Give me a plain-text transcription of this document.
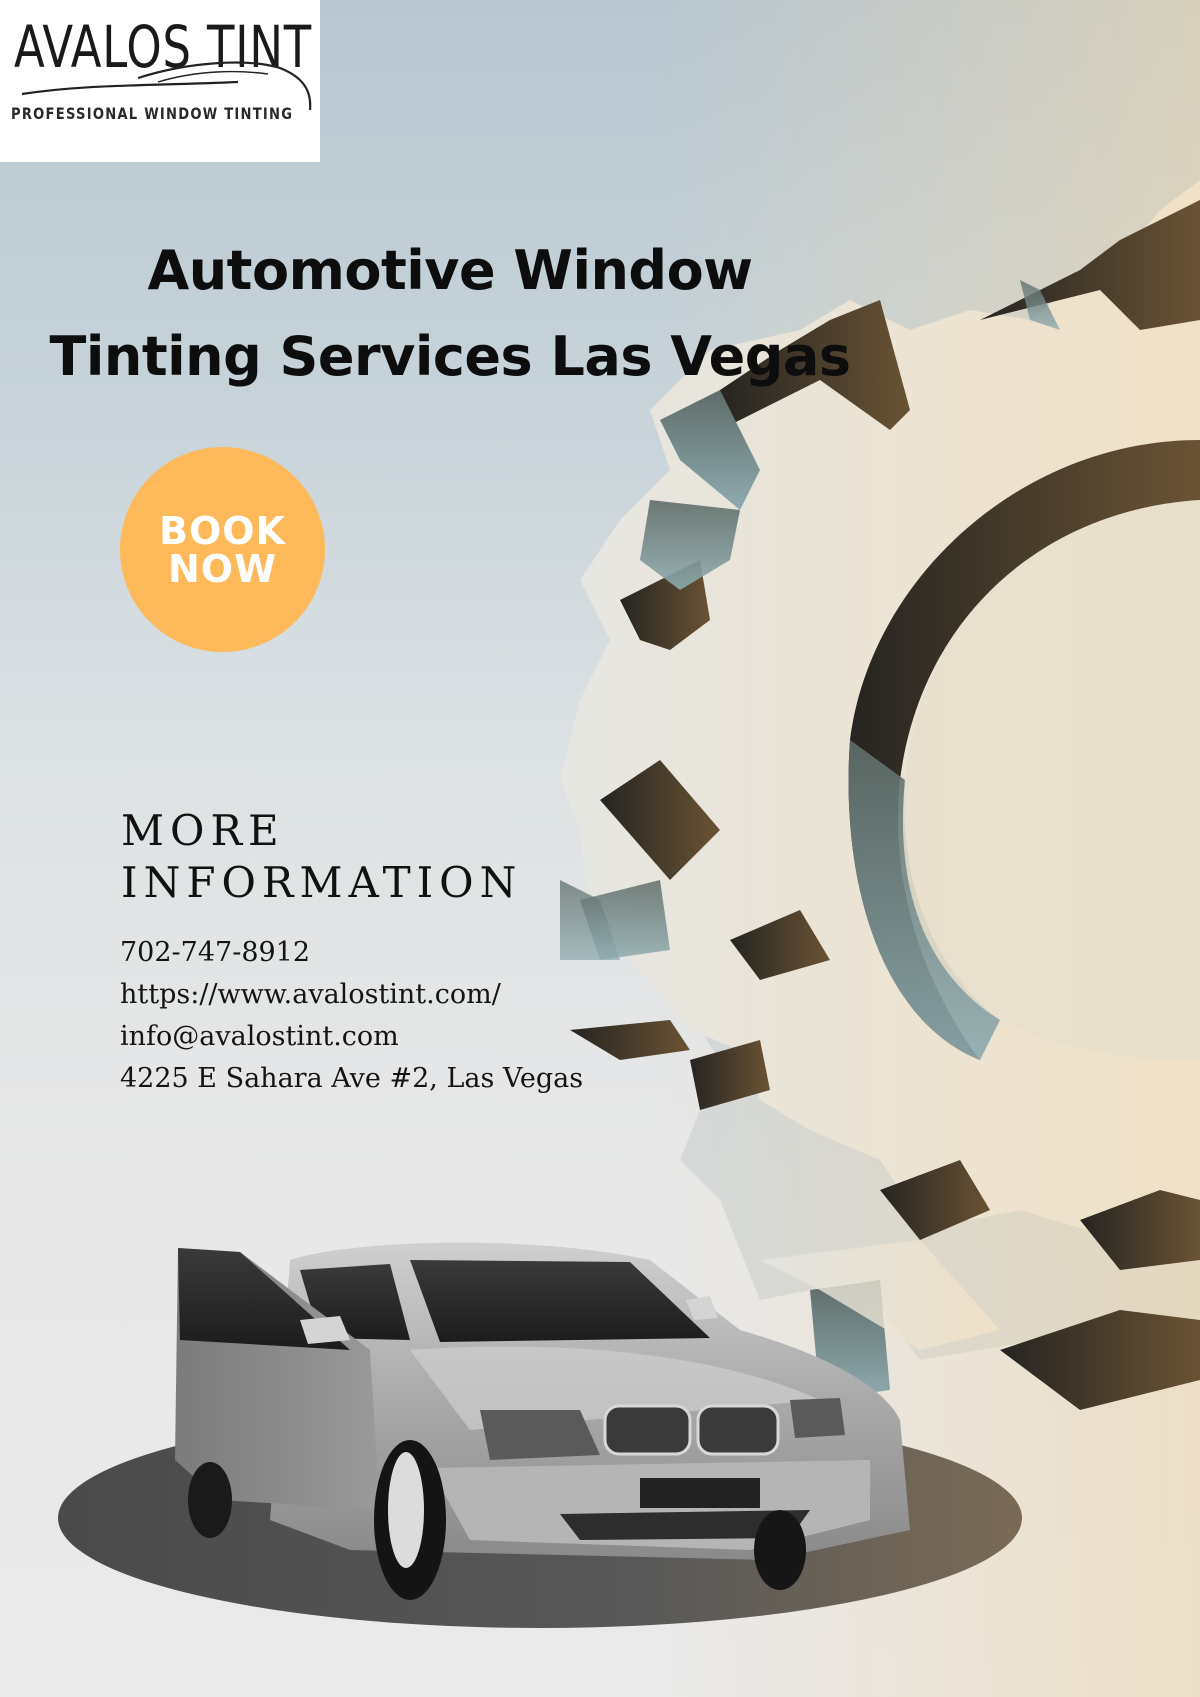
AVALOS TINT
PROFESSIONAL WINDOW TINTING
Automotive Window
Tinting Services Las Vegas
BOOK
NOW
MORE
INFORMATION
702-747-8912
https://www.avalostint.com/
info@avalostint.com
4225 E Sahara Ave #2, Las Vegas
